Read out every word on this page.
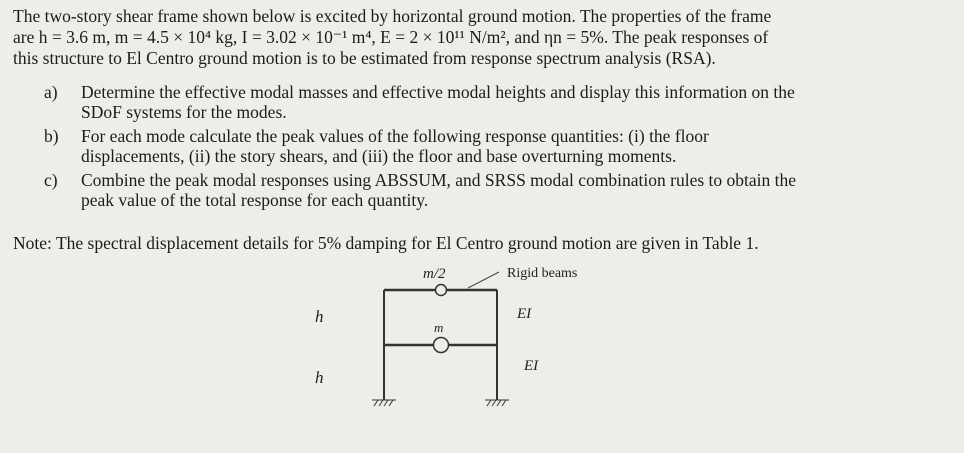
The two-story shear frame shown below is excited by horizontal ground motion. The properties of the frame
are h = 3.6 m, m = 4.5 × 10⁴ kg, I = 3.02 × 10⁻¹ m⁴, E = 2 × 10¹¹ N/m², and ηn = 5%. The peak responses of
this structure to El Centro ground motion is to be estimated from response spectrum analysis (RSA).
a) Determine the effective modal masses and effective modal heights and display this information on the
SDoF systems for the modes.
b) For each mode calculate the peak values of the following response quantities: (i) the floor
displacements, (ii) the story shears, and (iii) the floor and base overturning moments.
c) Combine the peak modal responses using ABSSUM, and SRSS modal combination rules to obtain the
peak value of the total response for each quantity.
Note: The spectral displacement details for 5% damping for El Centro ground motion are given in Table 1.
m/2	Rigid beams
m
h
h
EI
EI
